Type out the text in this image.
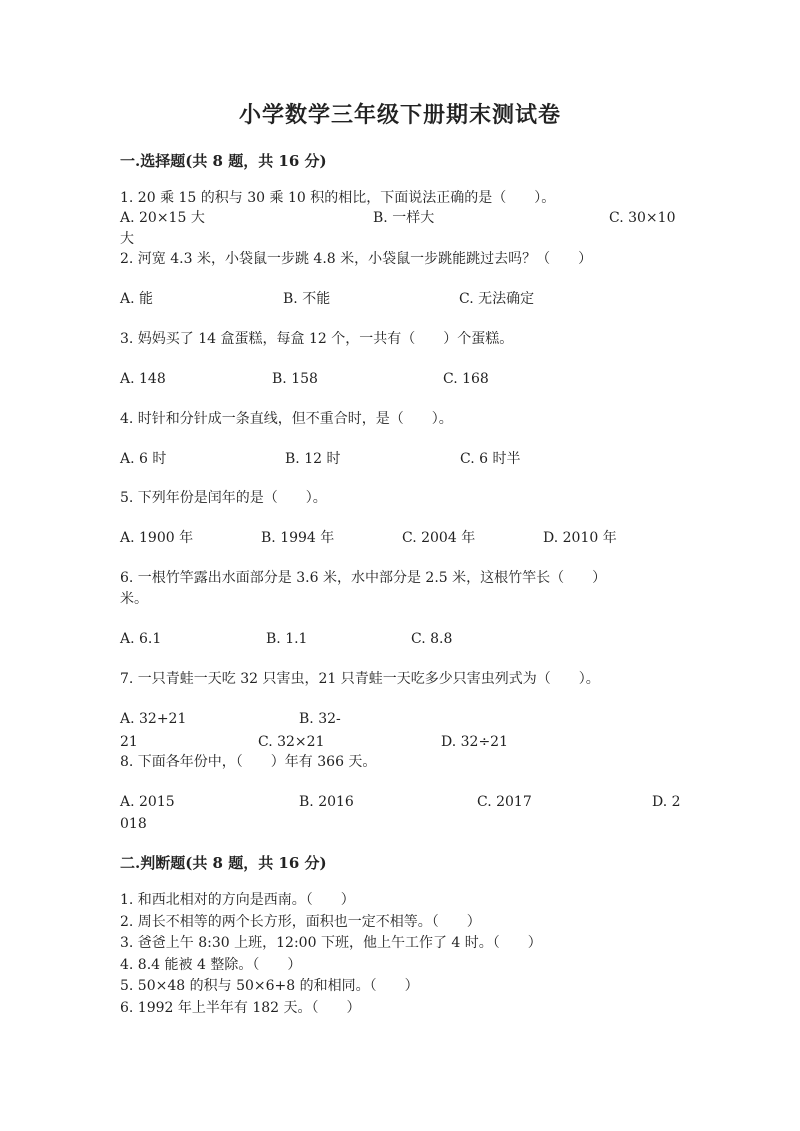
小学数学三年级下册期末测试卷
一.选择题(共 8 题，共 16 分)
1. 20 乘 15 的积与 30 乘 10 积的相比，下面说法正确的是（　　）。
A. 20×15 大	B. 一样大	C. 30×10
大
2. 河宽 4.3 米，小袋鼠一步跳 4.8 米，小袋鼠一步跳能跳过去吗？（　　）
A. 能	B. 不能	C. 无法确定
3. 妈妈买了 14 盒蛋糕，每盒 12 个，一共有（　　）个蛋糕。
A. 148	B. 158	C. 168
4. 时针和分针成一条直线，但不重合时，是（　　）。
A. 6 时	B. 12 时	C. 6 时半
5. 下列年份是闰年的是（　　）。
A. 1900 年	B. 1994 年	C. 2004 年	D. 2010 年
6. 一根竹竿露出水面部分是 3.6 米，水中部分是 2.5 米，这根竹竿长（　　）
米。
A. 6.1	B. 1.1	C. 8.8
7. 一只青蛙一天吃 32 只害虫，21 只青蛙一天吃多少只害虫列式为（　　）。
A. 32+21	B. 32-
21	C. 32×21	D. 32÷21
8. 下面各年份中，（　　）年有 366 天。
A. 2015	B. 2016	C. 2017	D. 2
018
二.判断题(共 8 题，共 16 分)
1. 和西北相对的方向是西南。（　　）
2. 周长不相等的两个长方形，面积也一定不相等。（　　）
3. 爸爸上午 8:30 上班，12:00 下班，他上午工作了 4 时。（　　）
4. 8.4 能被 4 整除。（　　）
5. 50×48 的积与 50×6+8 的和相同。（　　）
6. 1992 年上半年有 182 天。（　　）
